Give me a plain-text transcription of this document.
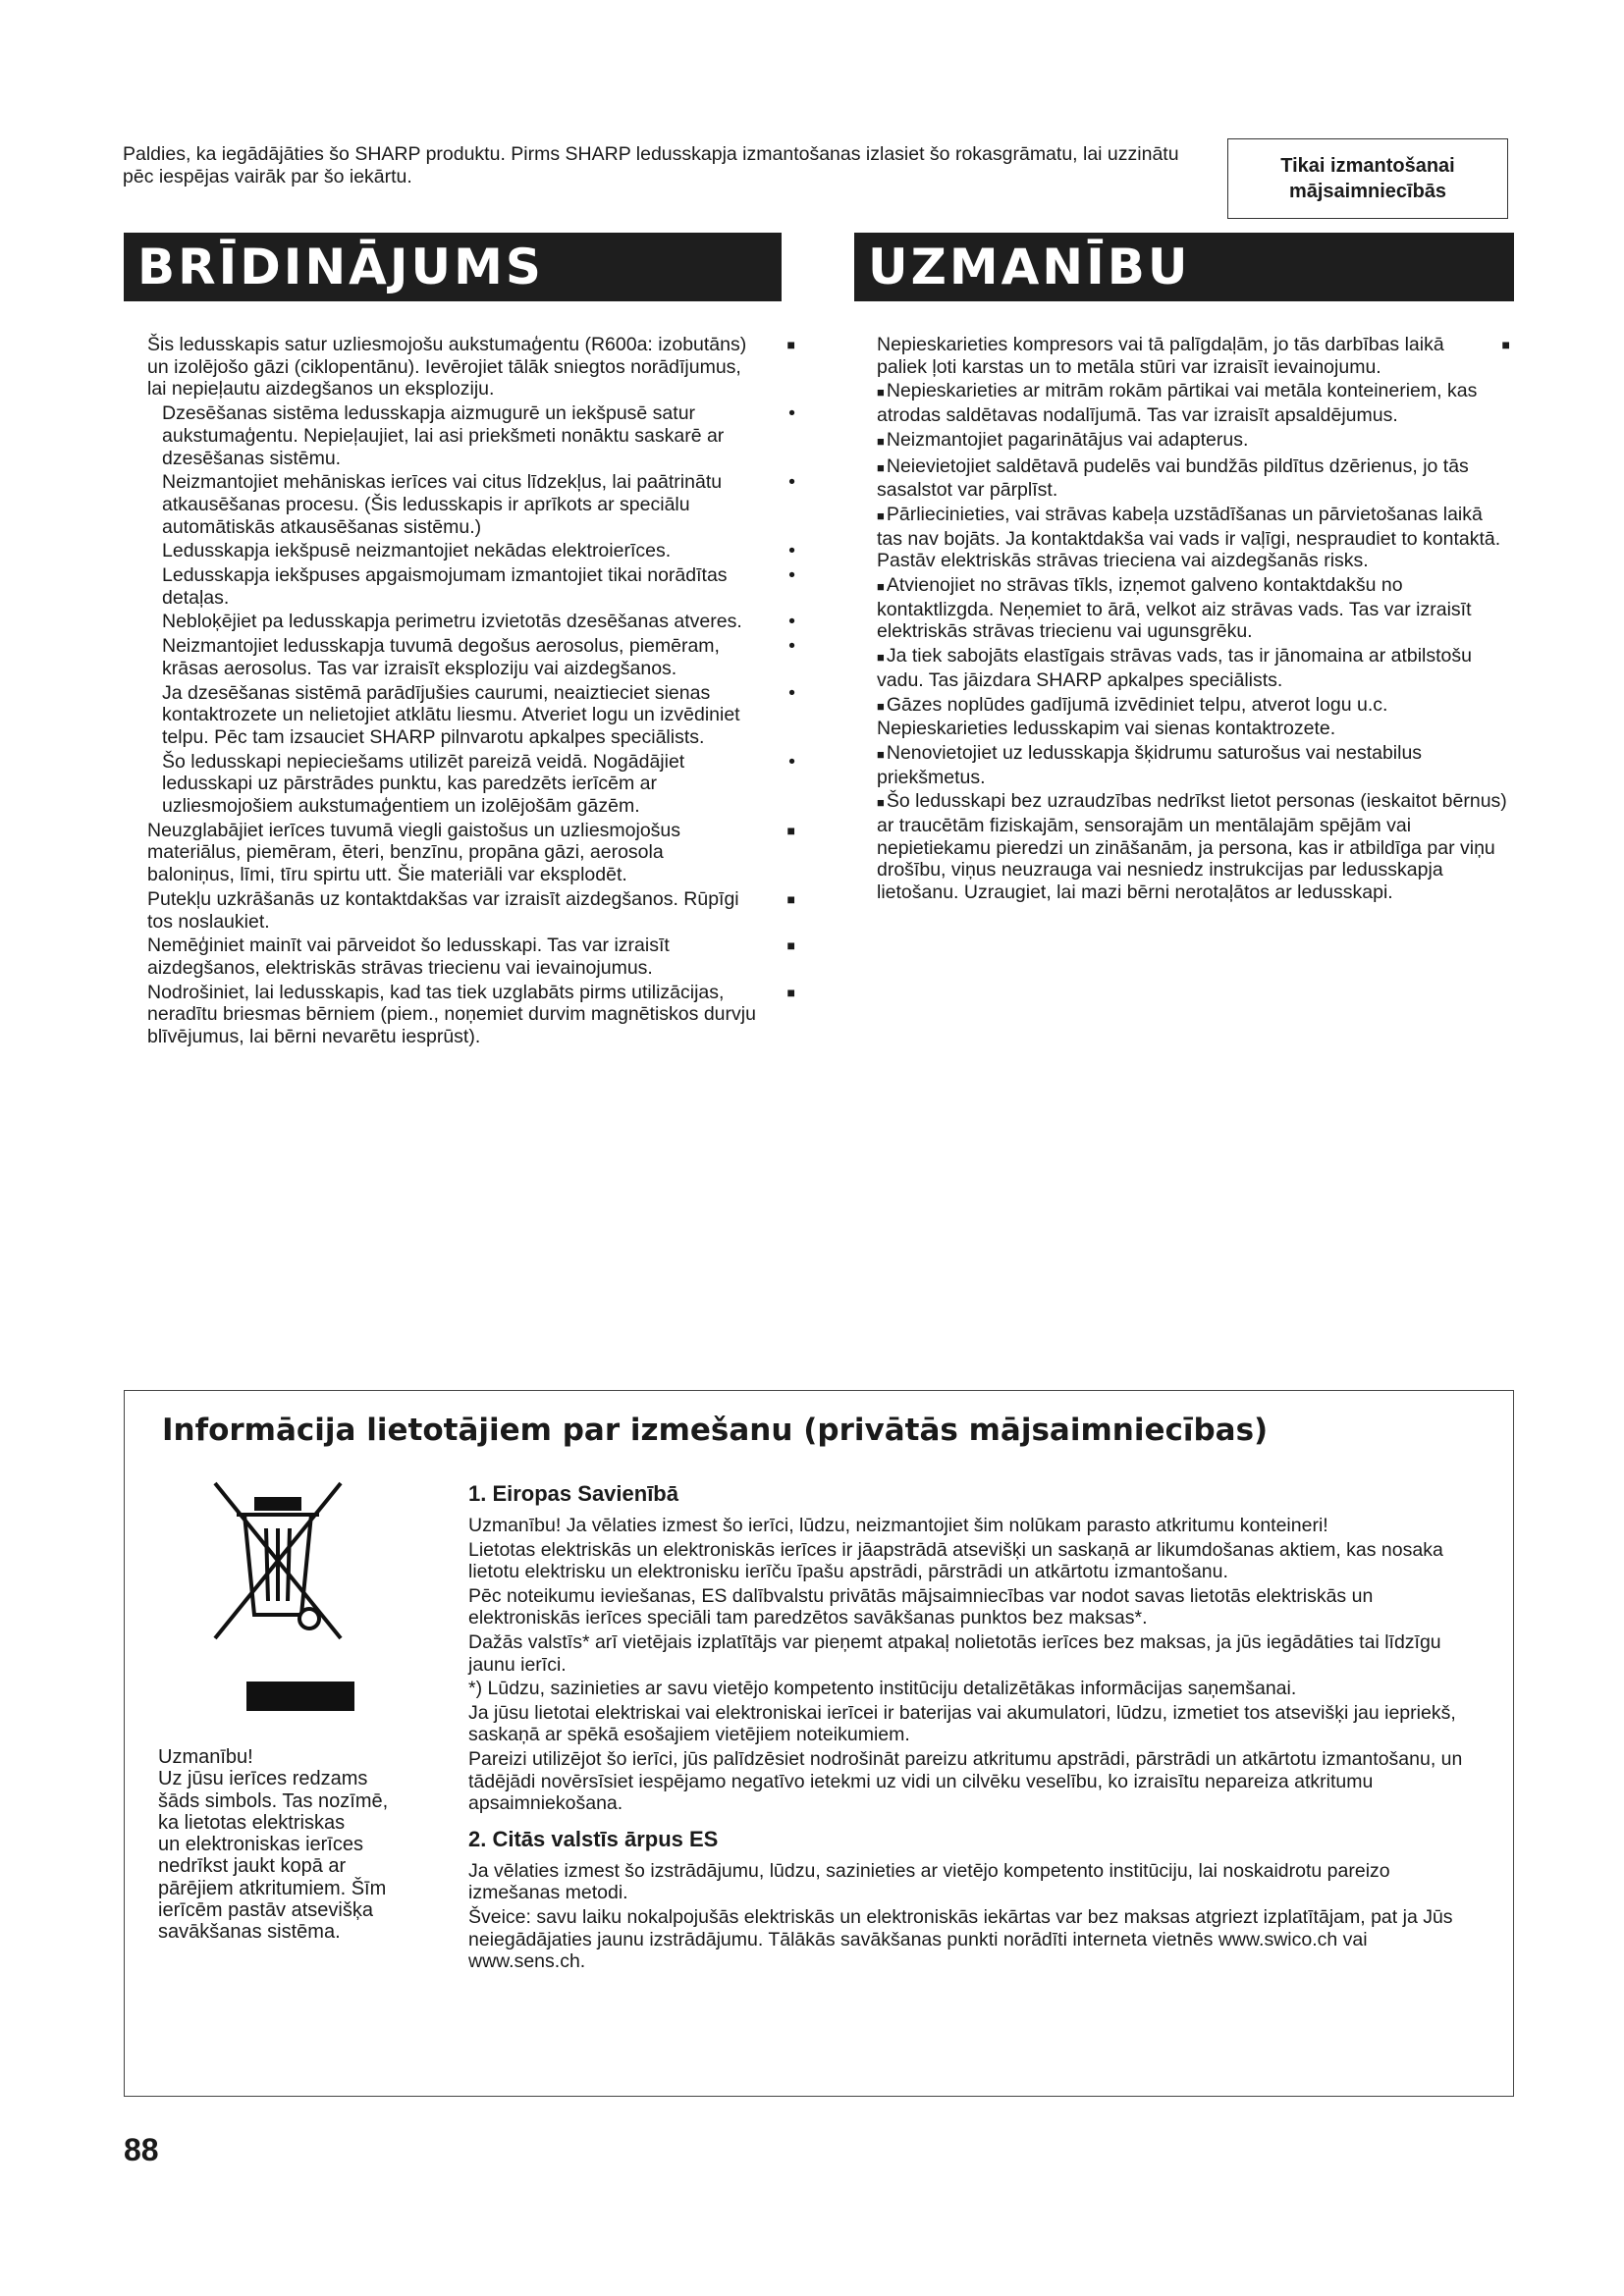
Paldies, ka iegādājāties šo SHARP produktu. Pirms SHARP ledusskapja izmantošanas izlasiet šo rokasgrāmatu, lai uzzinātu pēc iespējas vairāk par šo iekārtu.	Tikai izmantošanai
mājsaimniecībās
BRĪDINĀJUMS	UZMANĪBU

Šis ledusskapis satur uzliesmojošu aukstumaģentu (R600a: izobutāns) un izolējošo gāzi (ciklopentānu). Ievērojiet tālāk sniegtos norādījumus, lai nepieļautu aizdegšanos un eksploziju. ■

Dzesēšanas sistēma ledusskapja aizmugurē un iekšpusē satur aukstumaģentu. Nepieļaujiet, lai asi priekšmeti nonāktu saskarē ar dzesēšanas sistēmu. •

Neizmantojiet mehāniskas ierīces vai citus līdzekļus, lai paātrinātu atkausēšanas procesu. (Šis ledusskapis ir aprīkots ar speciālu automātiskās atkausēšanas sistēmu.) •

Ledusskapja iekšpusē neizmantojiet nekādas elektroierīces. •

Ledusskapja iekšpuses apgaismojumam izmantojiet tikai norādītas detaļas. •

Nebloķējiet pa ledusskapja perimetru izvietotās dzesēšanas atveres. •

Neizmantojiet ledusskapja tuvumā degošus aerosolus, piemēram, krāsas aerosolus. Tas var izraisīt eksploziju vai aizdegšanos. •

Ja dzesēšanas sistēmā parādījušies caurumi, neaiztieciet sienas kontaktrozete un nelietojiet atklātu liesmu. Atveriet logu un izvēdiniet telpu. Pēc tam izsauciet SHARP pilnvarotu apkalpes speciālists. •

Šo ledusskapi nepieciešams utilizēt pareizā veidā. Nogādājiet ledusskapi uz pārstrādes punktu, kas paredzēts ierīcēm ar uzliesmojošiem aukstumaģentiem un izolējošām gāzēm. •

Neuzglabājiet ierīces tuvumā viegli gaistošus un uzliesmojošus materiālus, piemēram, ēteri, benzīnu, propāna gāzi, aerosola baloniņus, līmi, tīru spirtu utt. Šie materiāli var eksplodēt. ■

Putekļu uzkrāšanās uz kontaktdakšas var izraisīt aizdegšanos. Rūpīgi tos noslaukiet. ■

Nemēģiniet mainīt vai pārveidot šo ledusskapi. Tas var izraisīt aizdegšanos, elektriskās strāvas triecienu vai ievainojumus. ■

Nodrošiniet, lai ledusskapis, kad tas tiek uzglabāts pirms utilizācijas, neradītu briesmas bērniem (piem., noņemiet durvim magnētiskos durvju blīvējumus, lai bērni nevarētu iesprūst). ■

Nepieskarieties kompresors vai tā palīgdaļām, jo tās darbības laikā paliek ļoti karstas un to metāla stūri var izraisīt ievainojumu. ■

■ Nepieskarieties ar mitrām rokām pārtikai vai metāla konteineriem, kas atrodas saldētavas nodalījumā. Tas var izraisīt apsaldējumus.

■ Neizmantojiet pagarinātājus vai adapterus.

■ Neievietojiet saldētavā pudelēs vai bundžās pildītus dzērienus, jo tās sasalstot var pārplīst.

■ Pārliecinieties, vai strāvas kabeļa uzstādīšanas un pārvietošanas laikā tas nav bojāts. Ja kontaktdakša vai vads ir vaļīgi, nespraudiet to kontaktā. Pastāv elektriskās strāvas trieciena vai aizdegšanās risks.

■ Atvienojiet no strāvas tīkls, izņemot galveno kontaktdakšu no kontaktlizgda. Neņemiet to ārā, velkot aiz strāvas vads. Tas var izraisīt elektriskās strāvas triecienu vai ugunsgrēku.

■ Ja tiek sabojāts elastīgais strāvas vads, tas ir jānomaina ar atbilstošu vadu. Tas jāizdara SHARP apkalpes speciālists.

■ Gāzes noplūdes gadījumā izvēdiniet telpu, atverot logu u.c. Nepieskarieties ledusskapim vai sienas kontaktrozete.

■ Nenovietojiet uz ledusskapja šķidrumu saturošus vai nestabilus priekšmetus.

■ Šo ledusskapi bez uzraudzības nedrīkst lietot personas (ieskaitot bērnus) ar traucētām fiziskajām, sensorajām un mentālajām spējām vai nepietiekamu pieredzi un zināšanām, ja persona, kas ir atbildīga par viņu drošību, viņus neuzrauga vai nesniedz instrukcijas par ledusskapja lietošanu. Uzraugiet, lai mazi bērni nerotaļātos ar ledusskapi.

Informācija lietotājiem par izmešanu (privātās mājsaimniecības)

Uzmanību!
Uz jūsu ierīces redzams
šāds simbols. Tas nozīmē,
ka lietotas elektriskas
un elektroniskas ierīces
nedrīkst jaukt kopā ar
pārējiem atkritumiem. Šīm
ierīcēm pastāv atsevišķa
savākšanas sistēma.

1. Eiropas Savienībā

Uzmanību! Ja vēlaties izmest šo ierīci, lūdzu, neizmantojiet šim nolūkam parasto atkritumu konteineri!

Lietotas elektriskās un elektroniskās ierīces ir jāapstrādā atsevišķi un saskaņā ar likumdošanas aktiem, kas nosaka lietotu elektrisku un elektronisku ierīču īpašu apstrādi, pārstrādi un atkārtotu izmantošanu.

Pēc noteikumu ieviešanas, ES dalībvalstu privātās mājsaimniecības var nodot savas lietotās elektriskās un elektroniskās ierīces speciāli tam paredzētos savākšanas punktos bez maksas*.

Dažās valstīs* arī vietējais izplatītājs var pieņemt atpakaļ nolietotās ierīces bez maksas, ja jūs iegādāties tai līdzīgu jaunu ierīci.

*) Lūdzu, sazinieties ar savu vietējo kompetento institūciju detalizētākas informācijas saņemšanai.

Ja jūsu lietotai elektriskai vai elektroniskai ierīcei ir baterijas vai akumulatori, lūdzu, izmetiet tos atsevišķi jau iepriekš, saskaņā ar spēkā esošajiem vietējiem noteikumiem.

Pareizi utilizējot šo ierīci, jūs palīdzēsiet nodrošināt pareizu atkritumu apstrādi, pārstrādi un atkārtotu izmantošanu, un tādējādi novērsīsiet iespējamo negatīvo ietekmi uz vidi un cilvēku veselību, ko izraisītu nepareiza atkritumu apsaimniekošana.

2. Citās valstīs ārpus ES

Ja vēlaties izmest šo izstrādājumu, lūdzu, sazinieties ar vietējo kompetento institūciju, lai noskaidrotu pareizo izmešanas metodi.

Šveice: savu laiku nokalpojušās elektriskās un elektroniskās iekārtas var bez maksas atgriezt izplatītājam, pat ja Jūs neiegādājaties jaunu izstrādājumu. Tālākās savākšanas punkti norādīti interneta vietnēs www.swico.ch vai www.sens.ch.

88
